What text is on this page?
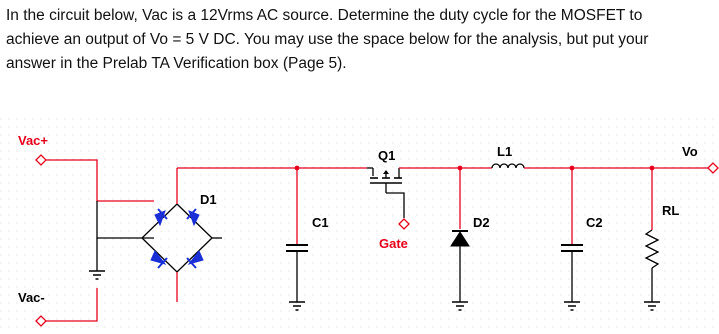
In the circuit below, Vac is a 12Vrms AC source. Determine the duty cycle for the MOSFET to
achieve an output of Vo = 5 V DC. You may use the space below for the analysis, but put your
answer in the Prelab TA Verification box (Page 5).
Vac+
Vac-
D1
C1
Q1
Gate
D2
L1
C2
RL
Vo
